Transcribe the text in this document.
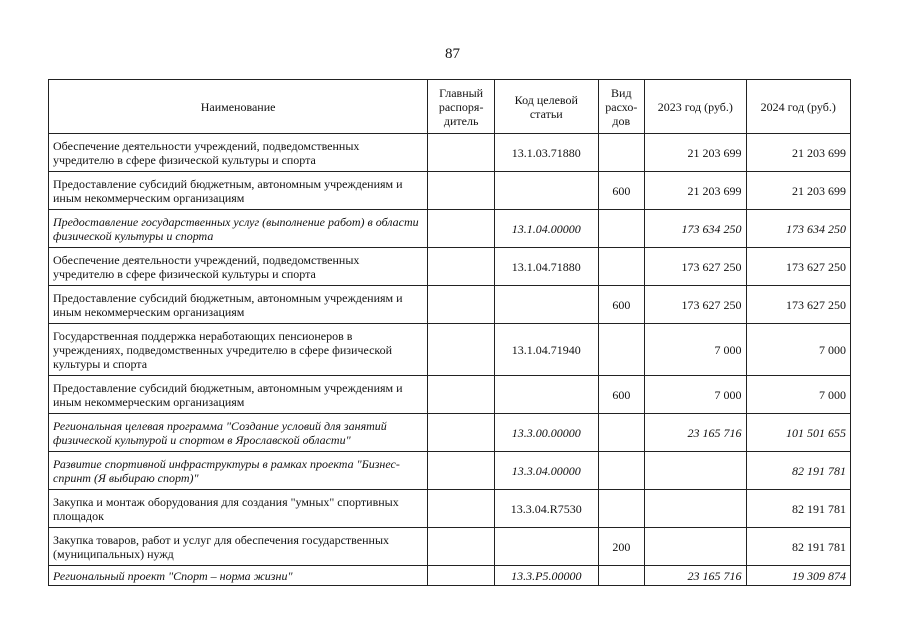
87
Наименование	Главный распоря-дитель	Код целевой статьи	Вид расхо-дов	2023 год (руб.)	2024 год (руб.)
Обеспечение деятельности учреждений, подведомственных учредителю в сфере физической культуры и спорта		13.1.03.71880		21 203 699	21 203 699
Предоставление субсидий бюджетным, автономным учреждениям и иным некоммерческим организациям			600	21 203 699	21 203 699
Предоставление государственных услуг (выполнение работ) в области физической культуры и спорта		13.1.04.00000		173 634 250	173 634 250
Обеспечение деятельности учреждений, подведомственных учредителю в сфере физической культуры и спорта		13.1.04.71880		173 627 250	173 627 250
Предоставление субсидий бюджетным, автономным учреждениям и иным некоммерческим организациям			600	173 627 250	173 627 250
Государственная поддержка неработающих пенсионеров в учреждениях, подведомственных учредителю в сфере физической культуры и спорта		13.1.04.71940		7 000	7 000
Предоставление субсидий бюджетным, автономным учреждениям и иным некоммерческим организациям			600	7 000	7 000
Региональная целевая программа "Создание условий для занятий физической культурой и спортом в Ярославской области"		13.3.00.00000		23 165 716	101 501 655
Развитие спортивной инфраструктуры в рамках проекта "Бизнес-спринт (Я выбираю спорт)"		13.3.04.00000			82 191 781
Закупка и монтаж оборудования для создания "умных" спортивных площадок		13.3.04.R7530			82 191 781
Закупка товаров, работ и услуг для обеспечения государственных (муниципальных) нужд			200		82 191 781
Региональный проект "Спорт – норма жизни"		13.3.P5.00000		23 165 716	19 309 874
